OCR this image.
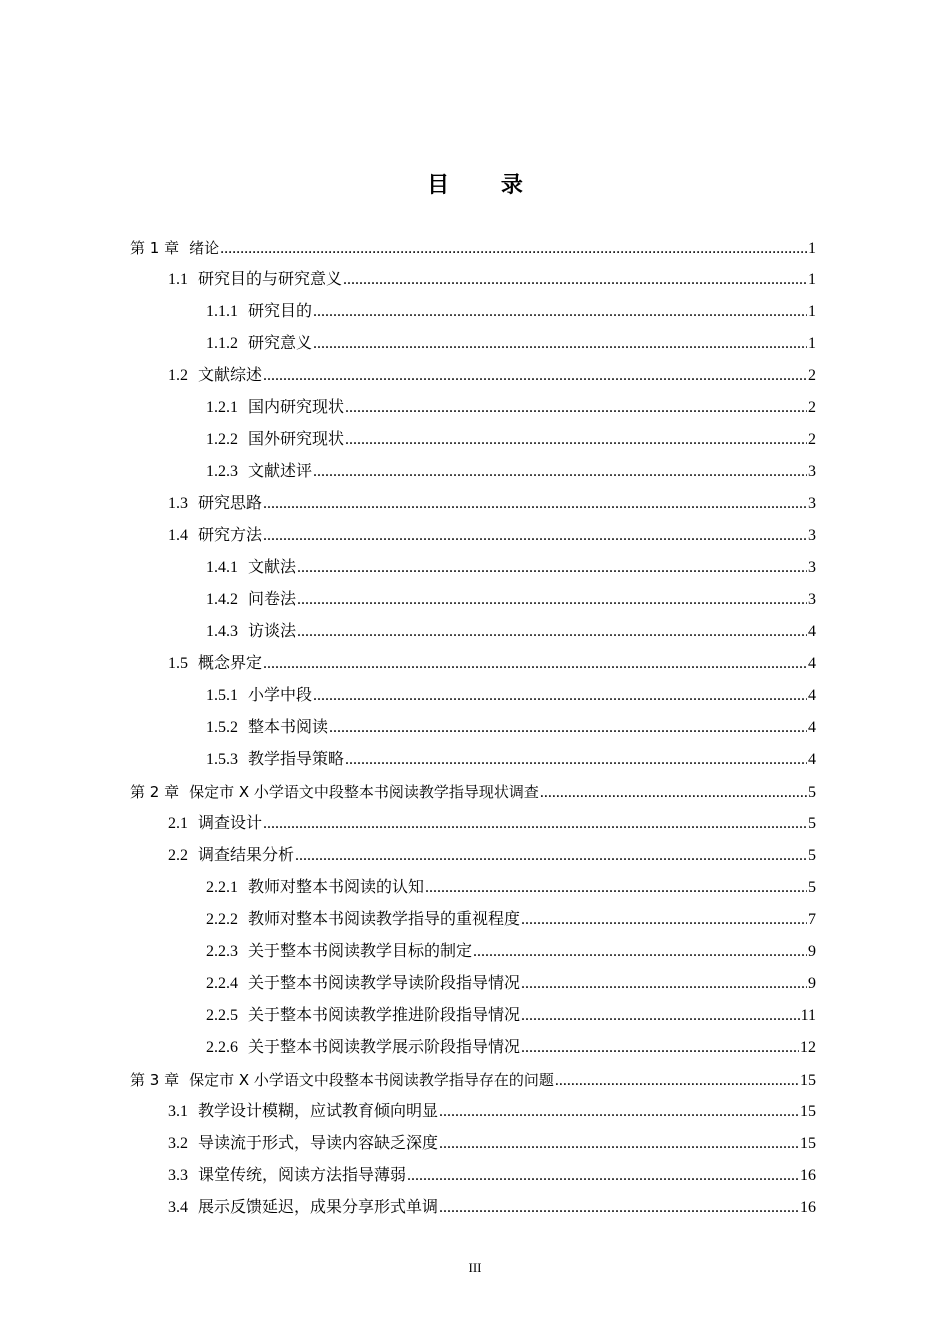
目 录
第 1 章 绪论 .....	1
1.1 研究目的与研究意义 .....	1
1.1.1 研究目的 .....	1
1.1.2 研究意义 .....	1
1.2 文献综述 .....	2
1.2.1 国内研究现状 .....	2
1.2.2 国外研究现状 .....	2
1.2.3 文献述评 .....	3
1.3 研究思路 .....	3
1.4 研究方法 .....	3
1.4.1 文献法 .....	3
1.4.2 问卷法 .....	3
1.4.3 访谈法 .....	4
1.5 概念界定 .....	4
1.5.1 小学中段 .....	4
1.5.2 整本书阅读 .....	4
1.5.3 教学指导策略 .....	4
第 2 章 保定市 X 小学语文中段整本书阅读教学指导现状调查 .....	5
2.1 调查设计 .....	5
2.2 调查结果分析 .....	5
2.2.1 教师对整本书阅读的认知 .....	5
2.2.2 教师对整本书阅读教学指导的重视程度 .....	7
2.2.3 关于整本书阅读教学目标的制定 .....	9
2.2.4 关于整本书阅读教学导读阶段指导情况 .....	9
2.2.5 关于整本书阅读教学推进阶段指导情况 .....	11
2.2.6 关于整本书阅读教学展示阶段指导情况 .....	12
第 3 章 保定市 X 小学语文中段整本书阅读教学指导存在的问题 .....	15
3.1 教学设计模糊，应试教育倾向明显 .....	15
3.2 导读流于形式，导读内容缺乏深度 .....	15
3.3 课堂传统，阅读方法指导薄弱 .....	16
3.4 展示反馈延迟，成果分享形式单调 .....	16
III
